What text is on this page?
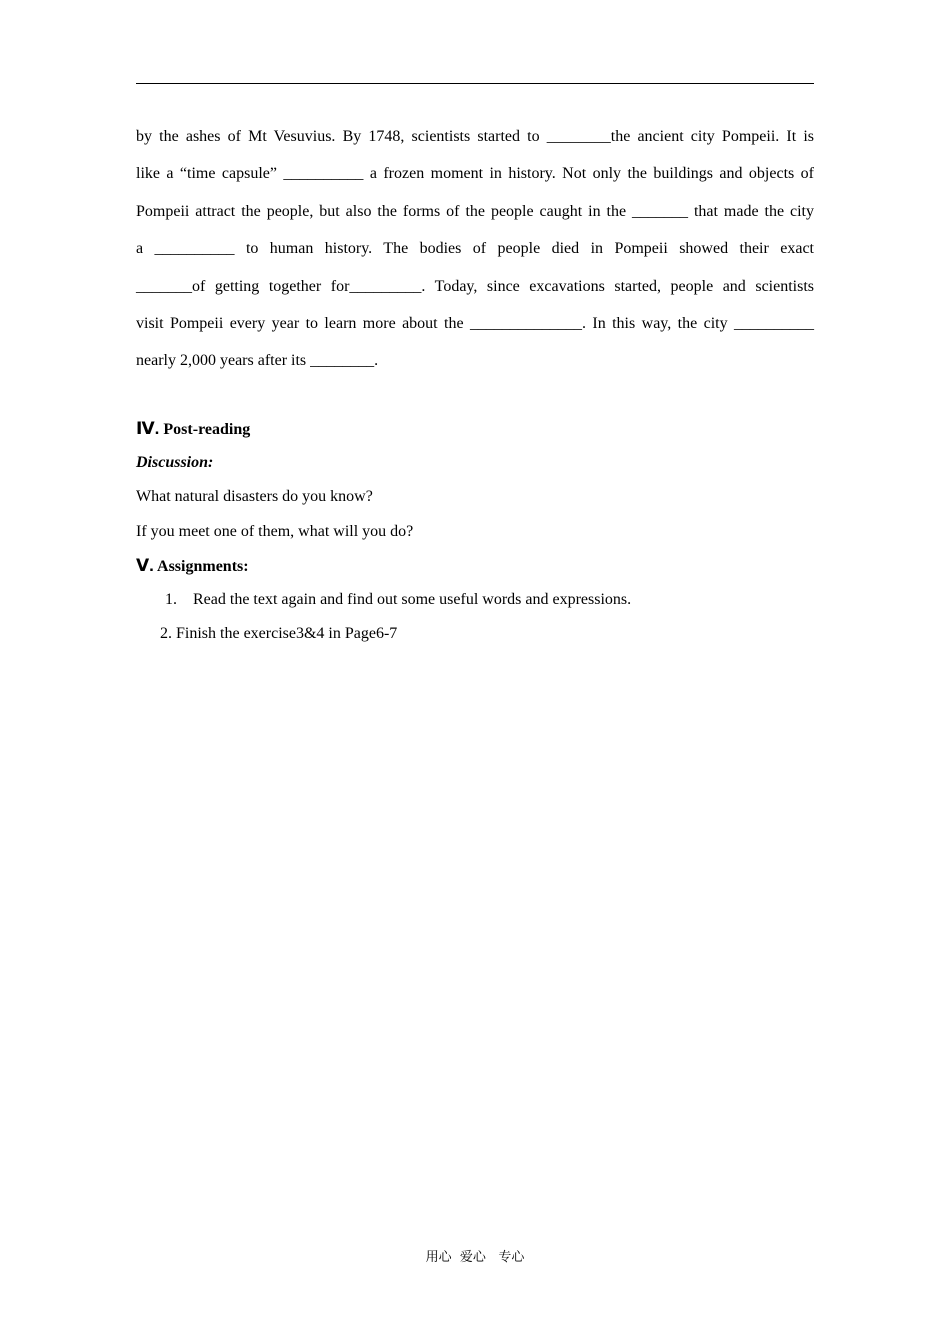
by the ashes of Mt Vesuvius. By 1748, scientists started to ________the ancient city Pompeii. It is
like a “time capsule” __________ a frozen moment in history. Not only the buildings and objects of
Pompeii attract the people, but also the forms of the people caught in the _______ that made the city
a __________ to human history. The bodies of people died in Pompeii showed their exact
_______of getting together for_________. Today, since excavations started, people and scientists
visit Pompeii every year to learn more about the ______________. In this way, the city __________
nearly 2,000 years after its ________.
Ⅳ. Post-reading
Discussion:
What natural disasters do you know?
If you meet one of them, what will you do?
Ⅴ. Assignments:
1. Read the text again and find out some useful words and expressions.
2. Finish the exercise3&4 in Page6-7
用心  爱心   专心
